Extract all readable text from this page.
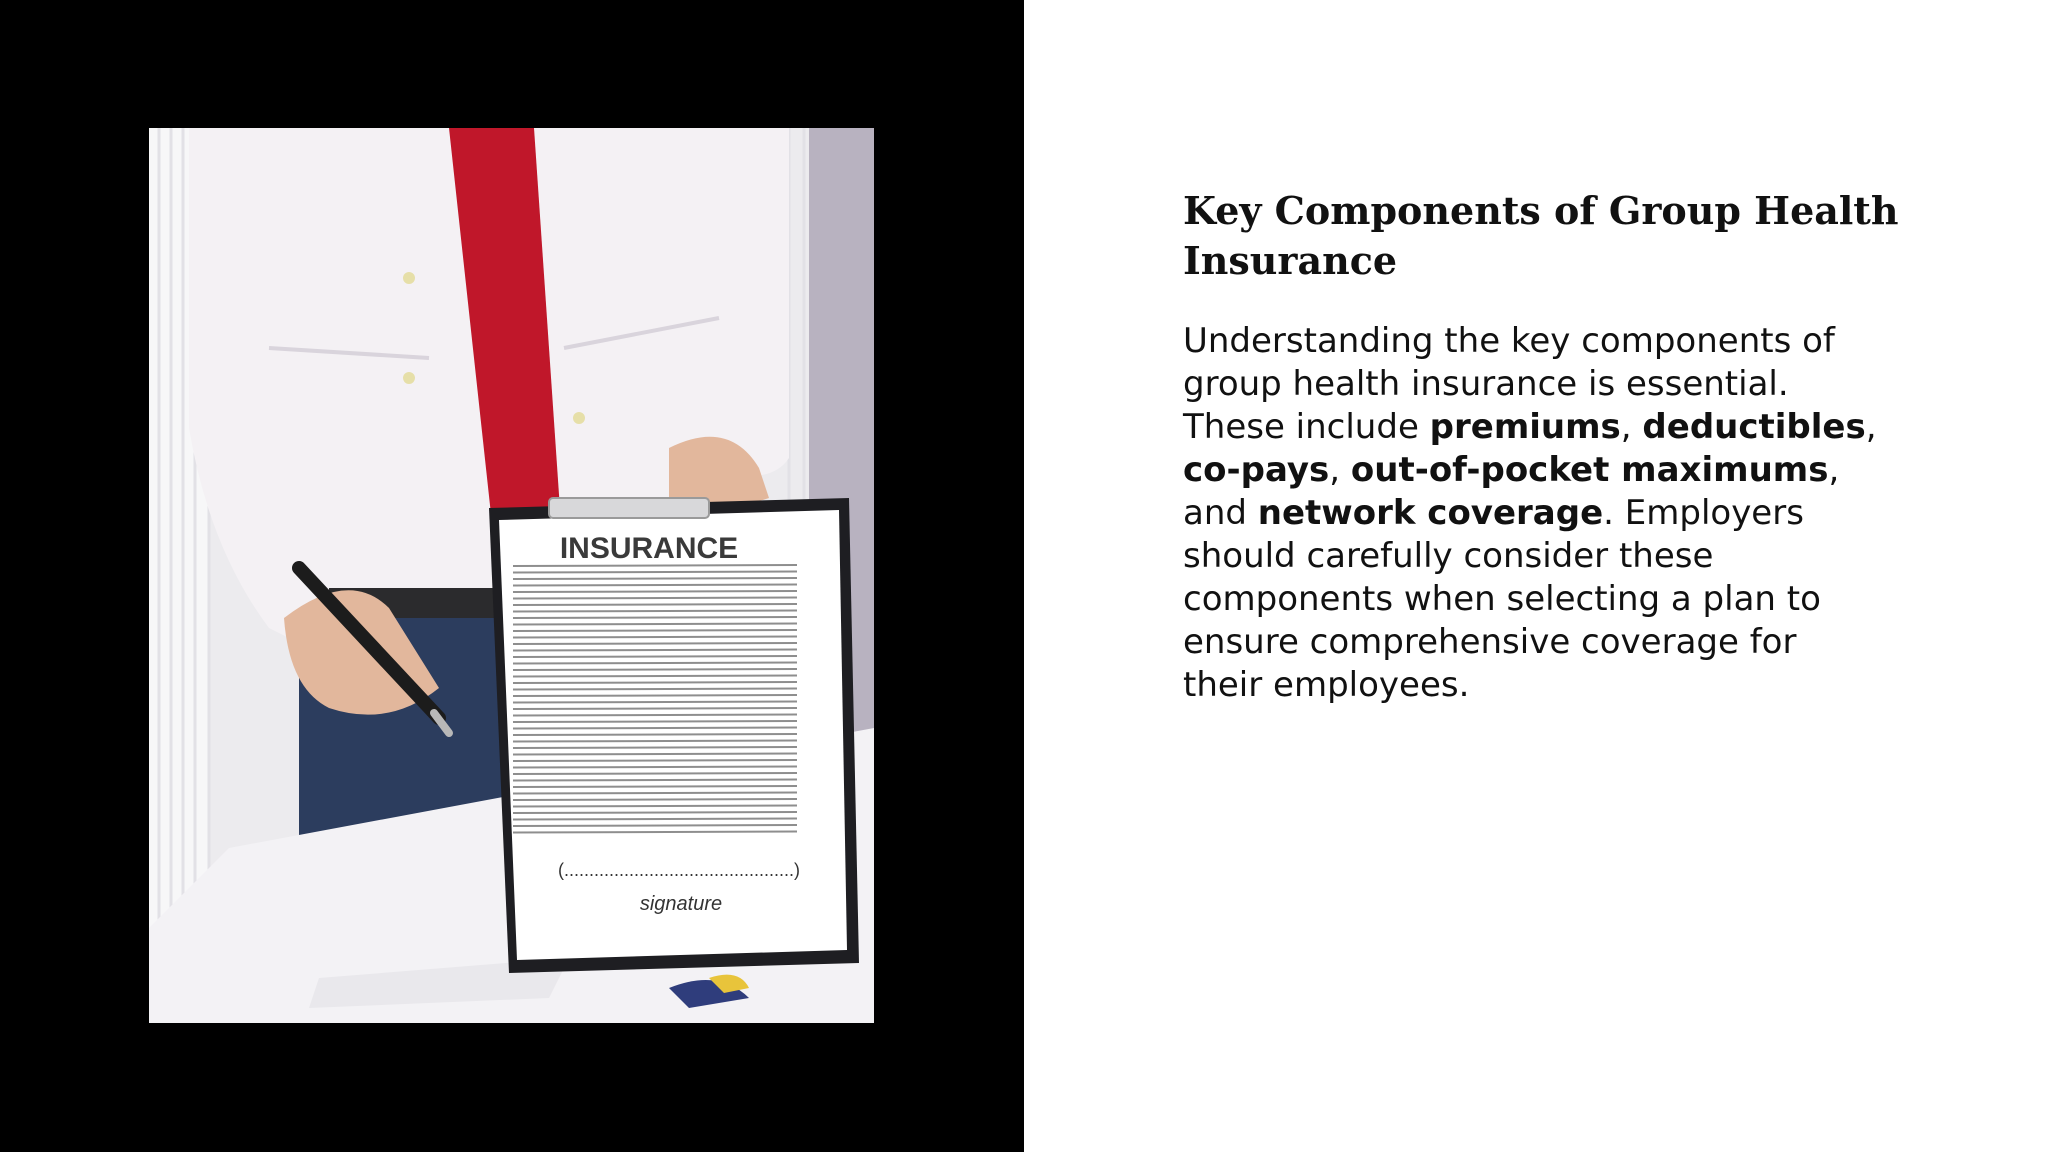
INSURANCE
(..............................................)
signature
Key Components of Group Health Insurance

Understanding the key components of group health insurance is essential. These include premiums, deductibles, co-pays, out-of-pocket maximums, and network coverage. Employers should carefully consider these components when selecting a plan to ensure comprehensive coverage for their employees.
